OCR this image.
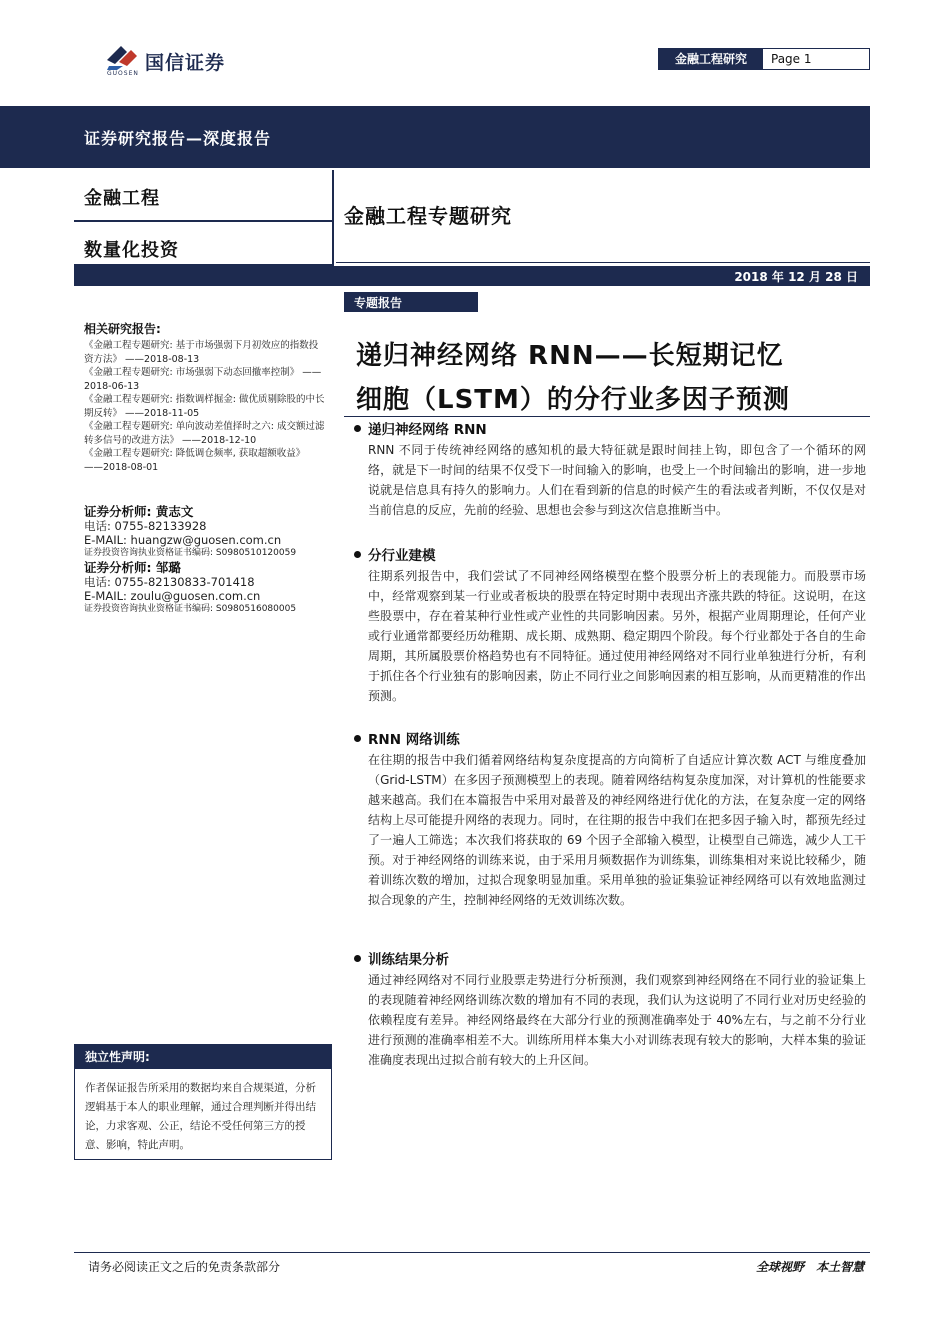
国信证券
GUOSEN
金融工程研究	Page 1
证券研究报告—深度报告
金融工程
数量化投资
金融工程专题研究
2018 年 12 月 28 日
专题报告
递归神经网络 RNN——长短期记忆
细胞（LSTM）的分行业多因子预测
递归神经网络 RNN

RNN 不同于传统神经网络的感知机的最大特征就是跟时间挂上钩，即包含了一个循环的网络，就是下一时间的结果不仅受下一时间输入的影响，也受上一个时间输出的影响，进一步地说就是信息具有持久的影响力。人们在看到新的信息的时候产生的看法或者判断，不仅仅是对当前信息的反应，先前的经验、思想也会参与到这次信息推断当中。

分行业建模

往期系列报告中，我们尝试了不同神经网络模型在整个股票分析上的表现能力。而股票市场中，经常观察到某一行业或者板块的股票在特定时期中表现出齐涨共跌的特征。这说明，在这些股票中，存在着某种行业性或产业性的共同影响因素。另外，根据产业周期理论，任何产业或行业通常都要经历幼稚期、成长期、成熟期、稳定期四个阶段。每个行业都处于各自的生命周期，其所属股票价格趋势也有不同特征。通过使用神经网络对不同行业单独进行分析，有利于抓住各个行业独有的影响因素，防止不同行业之间影响因素的相互影响，从而更精准的作出预测。

RNN 网络训练

在往期的报告中我们循着网络结构复杂度提高的方向简析了自适应计算次数 ACT 与维度叠加（Grid-LSTM）在多因子预测模型上的表现。随着网络结构复杂度加深，对计算机的性能要求越来越高。我们在本篇报告中采用对最普及的神经网络进行优化的方法，在复杂度一定的网络结构上尽可能提升网络的表现力。同时，在往期的报告中我们在把多因子输入时，都预先经过了一遍人工筛选；本次我们将获取的 69 个因子全部输入模型，让模型自己筛选，减少人工干预。对于神经网络的训练来说，由于采用月频数据作为训练集，训练集相对来说比较稀少，随着训练次数的增加，过拟合现象明显加重。采用单独的验证集验证神经网络可以有效地监测过拟合现象的产生，控制神经网络的无效训练次数。

训练结果分析

通过神经网络对不同行业股票走势进行分析预测，我们观察到神经网络在不同行业的验证集上的表现随着神经网络训练次数的增加有不同的表现，我们认为这说明了不同行业对历史经验的依赖程度有差异。神经网络最终在大部分行业的预测准确率处于 40%左右，与之前不分行业进行预测的准确率相差不大。训练所用样本集大小对训练表现有较大的影响，大样本集的验证准确度表现出过拟合前有较大的上升区间。

相关研究报告:

《金融工程专题研究: 基于市场强弱下月初效应的指数投资方法》 ——2018-08-13

《金融工程专题研究: 市场强弱下动态回撤率控制》 ——2018-06-13

《金融工程专题研究: 指数调样掘金: 做优质剔除股的中长期反转》 ——2018-11-05

《金融工程专题研究: 单向波动差值择时之六: 成交额过滤转多信号的改进方法》 ——2018-12-10

《金融工程专题研究: 降低调仓频率, 获取超额收益》 ——2018-08-01

证券分析师: 黄志文
电话: 0755-82133928
E-MAIL: huangzw@guosen.com.cn
证券投资咨询执业资格证书编码: S0980510120059
证券分析师: 邹璐
电话: 0755-82130833-701418
E-MAIL: zoulu@guosen.com.cn
证券投资咨询执业资格证书编码: S0980516080005
独立性声明:
作者保证报告所采用的数据均来自合规渠道，分析逻辑基于本人的职业理解，通过合理判断并得出结论，力求客观、公正，结论不受任何第三方的授意、影响，特此声明。
请务必阅读正文之后的免责条款部分	全球视野 本土智慧
